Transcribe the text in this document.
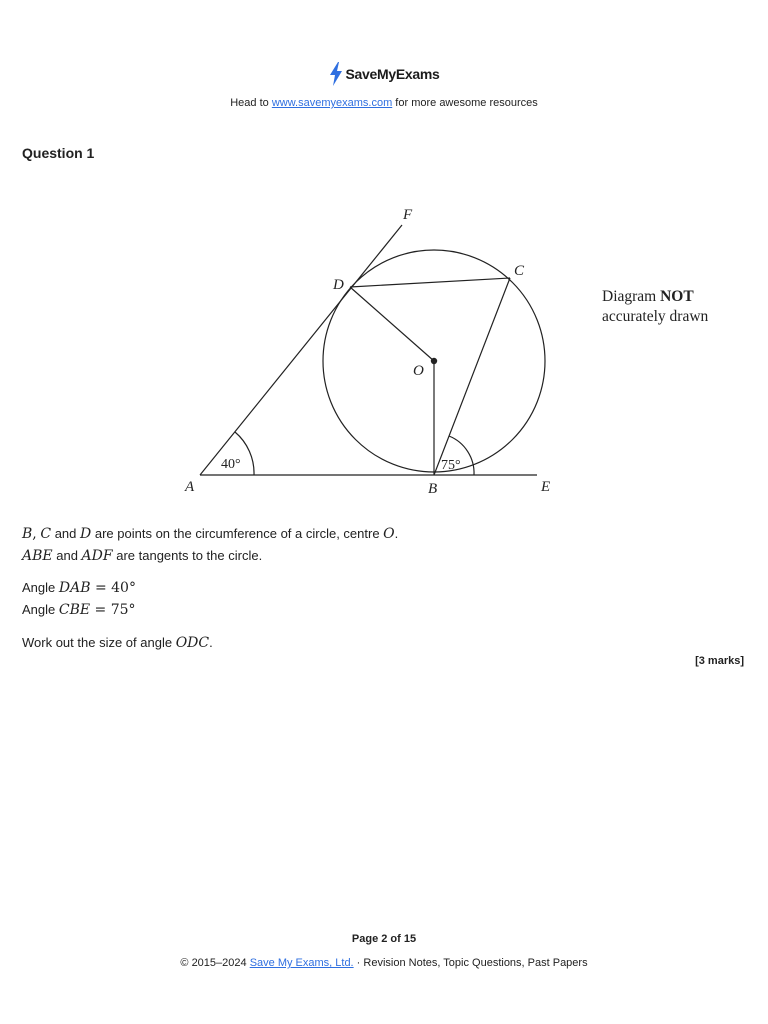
SaveMyExams
Head to www.savemyexams.com for more awesome resources
Question 1
F
D
C
O
A	B	E
40°	75°
Diagram NOT
accurately drawn
B, C and D are points on the circumference of a circle, centre O.
ABE and ADF are tangents to the circle.
Angle DAB = 40°
Angle CBE = 75°
Work out the size of angle ODC.
[3 marks]
Page 2 of 15
© 2015–2024 Save My Exams, Ltd. · Revision Notes, Topic Questions, Past Papers
